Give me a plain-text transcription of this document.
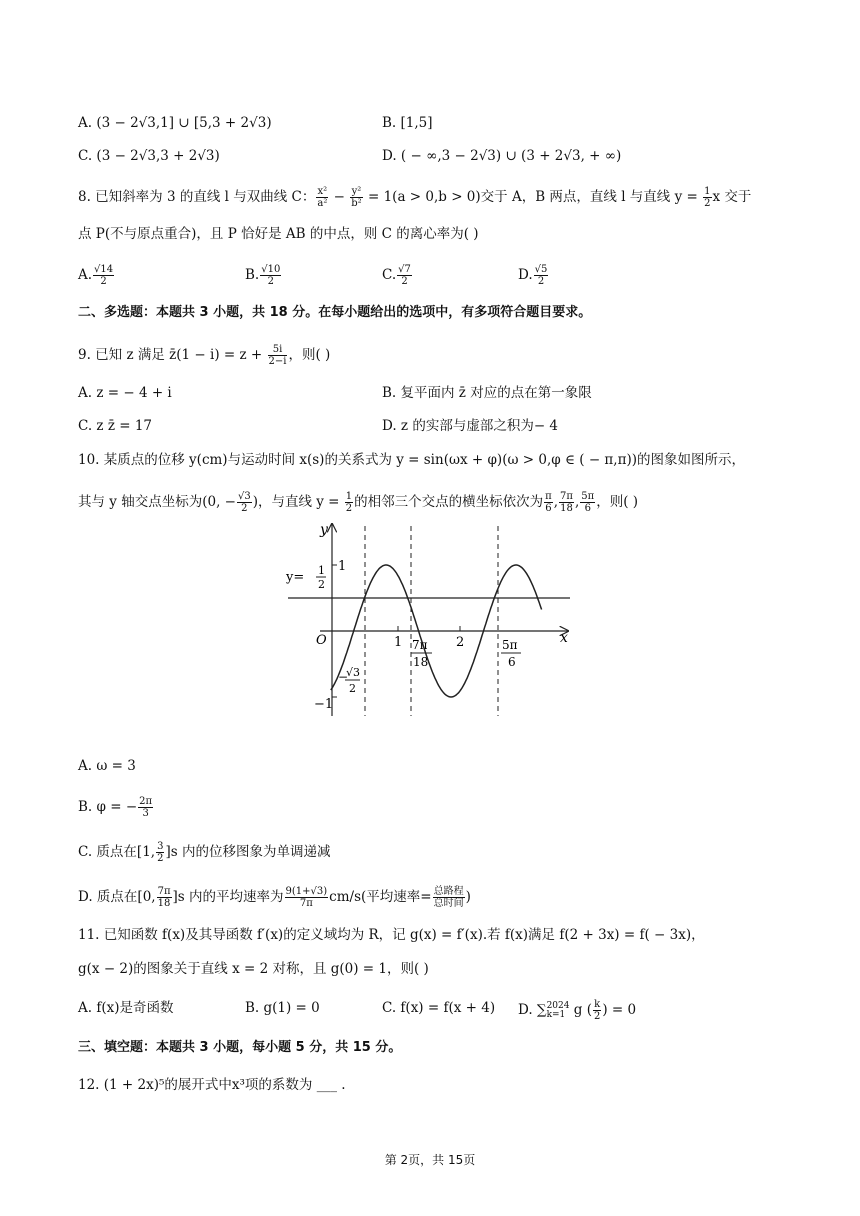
A. (3 − 2√3,1] ∪ [5,3 + 2√3)	B. [1,5]
C. (3 − 2√3,3 + 2√3)	D. ( − ∞,3 − 2√3) ∪ (3 + 2√3, + ∞)
8. 已知斜率为 3 的直线 l 与双曲线 C： $\frac{\text{x²}}{\text{a²}} - \frac{\text{y²}}{\text{b²}} = 1(a > 0,b > 0)$交于 A，B 两点，直线 l 与直线 $y = \frac{1}{2}$ x 交于
点 P(不与原点重合)，且 P 恰好是 AB 的中点，则 C 的离心率为( )
A. $\frac{√14}{2}$	B. $\frac{√10}{2}$	C. $\frac{√7}{2}$	D. $\frac{√5}{2}$
二、多选题：本题共 3 小题，共 18 分。在每小题给出的选项中，有多项符合题目要求。
9. 已知 z 满足 z̄(1 − $i) = z + \frac{5i}{2-i}$ ，则( )
A. z = − 4 + i	B. 复平面内 z̄ 对应的点在第一象限
C. z z̄ = 17	D. z 的实部与虚部之积为− 4
10. 某质点的位移 y(cm)与运动时间 x(s)的关系式为 y = sin(ωx + φ)(ω > 0,φ ∈ ( − π,π))的图象如图所示，
其与 y 轴交点坐标为(0, − $\frac{√3}{2}$ )，与直线 $y = \frac{1}{2}$ 的相邻三个交点的横坐标依次为 $\frac{\pi}{6}$ , $\frac{7\pi}{18}$ , $\frac{5\pi}{6}$ ，则( )
y
x
O
y= 1
2
1
−1
1	2
7π
18
5π
6
−
√3
2
A. ω = 3
B. φ = − $\frac{2\pi}{3}$
C. 质点在[1, $\frac{3}{2} ]s$ 内的位移图象为单调递减
D. 质点在[0, $\frac{7\pi}{18} ]s$ 内的平均速率为 $\frac{9(1+√3)}{7\pi} cm/s$(平均速率= $\frac{\text{总路程}}{\text{总时间}}$ )
11. 已知函数 f(x)及其导函数 f′(x)的定义域均为 R，记 g(x) = f′(x).若 f(x)满足 f(2 + 3x) = f( − 3x)，
g(x − 2)的图象关于直线 x = 2 对称，且 g(0) = 1，则( )
A. f(x)是奇函数	B. g(1) = 0	C. f(x) = f(x + 4) D. ∑ 2024
k=1 g ( $\frac{k}{2}$ ) = 0
三、填空题：本题共 3 小题，每小题 5 分，共 15 分。
12. (1 + 2x)⁵的展开式中x³项的系数为 ___ .
第 2页，共 15页
